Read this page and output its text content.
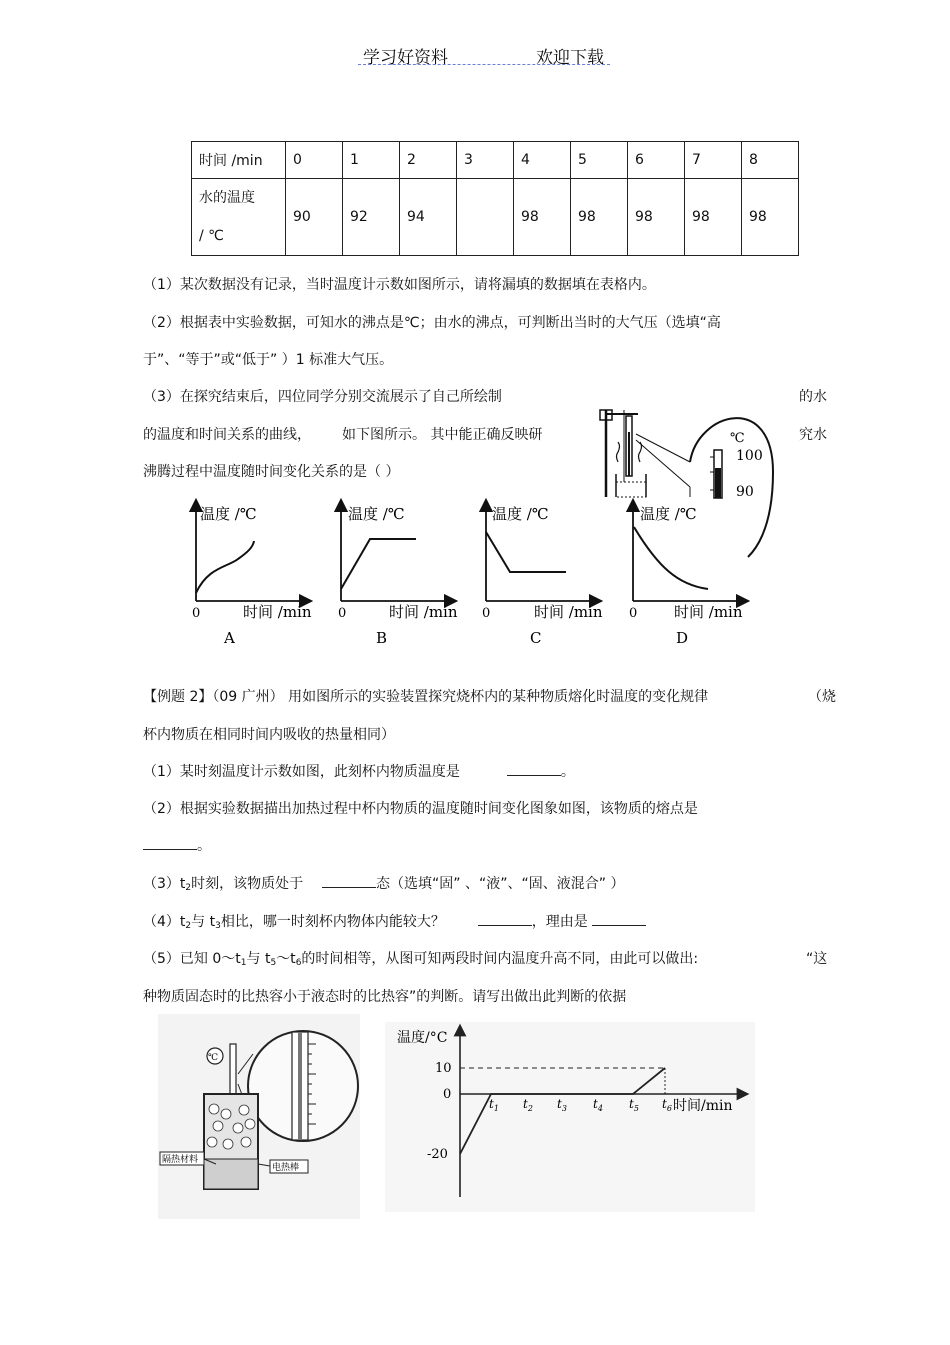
学习好资料	欢迎下载
时间 /min	0	1	2	3	4	5	6	7	8

水的温度
/ ℃	90	92	94		98	98	98	98	98
（1）某次数据没有记录，当时温度计示数如图所示，请将漏填的数据填在表格内。
（2）根据表中实验数据，可知水的沸点是℃；由水的沸点，可判断出当时的大气压（选填“高
于”、“等于”或“低于” ）1 标准大气压。
（3）在探究结束后，四位同学分别交流展示了自己所绘制	的水
的温度和时间关系的曲线， 如下图所示。 其中能正确反映研	究水
沸腾过程中温度随时间变化关系的是（ ）
℃
100
90
温度 /℃
0	时间 /min
A
温度 /℃
0	时间 /min
B
温度 /℃
0	时间 /min
C
温度 /℃
0 时间 /min
D
【例题 2】（09 广州） 用如图所示的实验装置探究烧杯内的某种物质熔化时温度的变化规律	（烧
杯内物质在相同时间内吸收的热量相同）
（1）某时刻温度计示数如图，此刻杯内物质温度是	。
（2）根据实验数据描出加热过程中杯内物质的温度随时间变化图象如图，该物质的熔点是
。
（3）t2时刻，该物质处于	态（选填“固” 、“液”、“固、液混合” ）
（4）t2与 t3相比，哪一时刻杯内物体内能较大？	，理由是
（5）已知 0～t1与 t5～t6的时间相等，从图可知两段时间内温度升高不同，由此可以做出:	“这
种物质固态时的比热容小于液态时的比热容”的判断。请写出做出此判断的依据
℃
隔热材料
电热棒
温度/°C
时间/min
10
0
-20
$t_1$ $t_2$ $t_3$ $t_4$ $t_5$ $t_6$
